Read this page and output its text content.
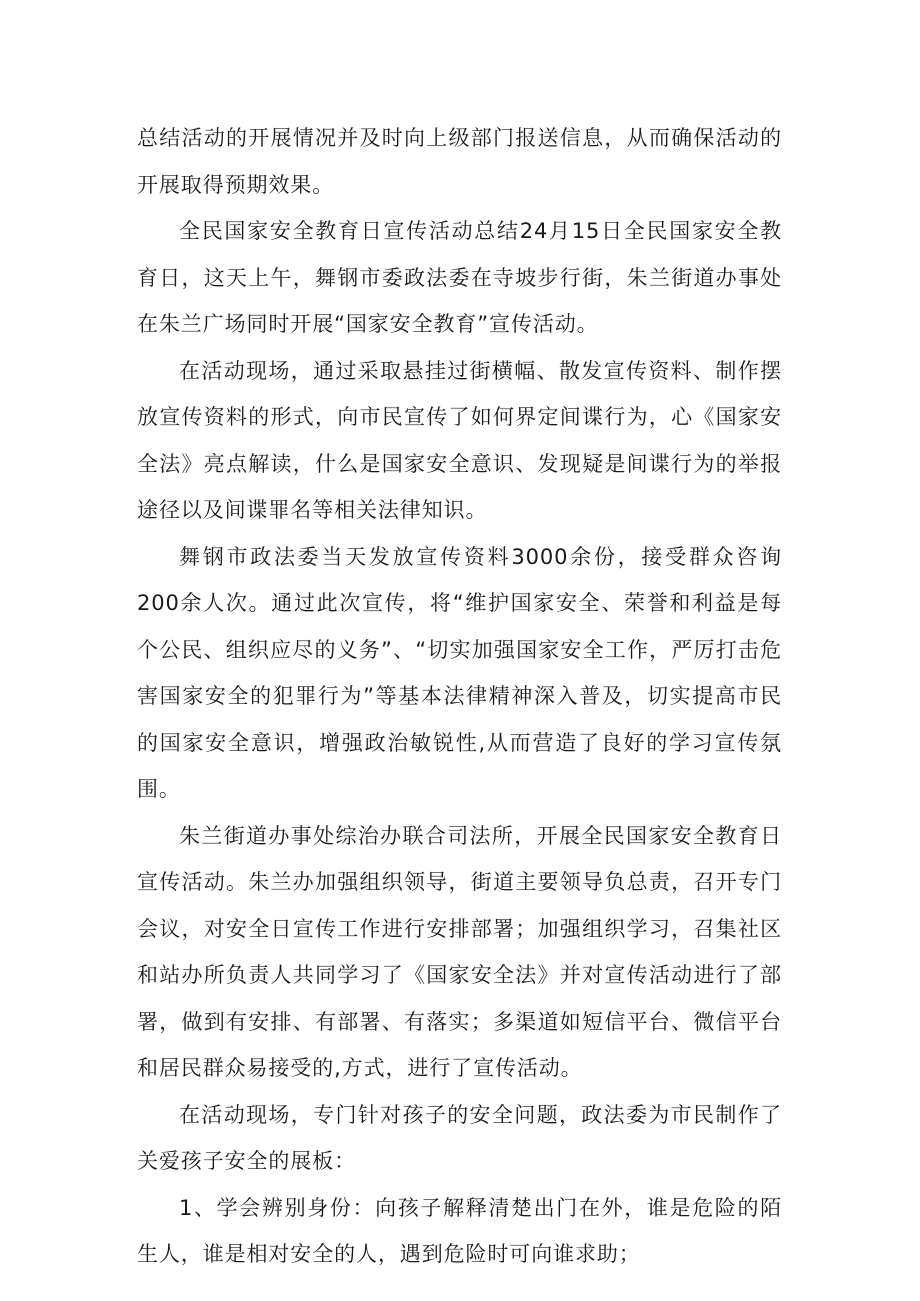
总结活动的开展情况并及时向上级部门报送信息，从而确保活动的开展取得预期效果。

全民国家安全教育日宣传活动总结24月15日全民国家安全教育日，这天上午，舞钢市委政法委在寺坡步行街，朱兰街道办事处在朱兰广场同时开展“国家安全教育”宣传活动。

在活动现场，通过采取悬挂过街横幅、散发宣传资料、制作摆放宣传资料的形式，向市民宣传了如何界定间谍行为，心《国家安全法》亮点解读，什么是国家安全意识、发现疑是间谍行为的举报途径以及间谍罪名等相关法律知识。

舞钢市政法委当天发放宣传资料3000余份，接受群众咨询200余人次。通过此次宣传，将“维护国家安全、荣誉和利益是每个公民、组织应尽的义务”、“切实加强国家安全工作，严厉打击危害国家安全的犯罪行为”等基本法律精神深入普及，切实提高市民的国家安全意识，增强政治敏锐性,从而营造了良好的学习宣传氛围。

朱兰街道办事处综治办联合司法所，开展全民国家安全教育日宣传活动。朱兰办加强组织领导，街道主要领导负总责，召开专门会议，对安全日宣传工作进行安排部署；加强组织学习，召集社区和站办所负责人共同学习了《国家安全法》并对宣传活动进行了部署，做到有安排、有部署、有落实；多渠道如短信平台、微信平台和居民群众易接受的,方式，进行了宣传活动。

在活动现场，专门针对孩子的安全问题，政法委为市民制作了关爱孩子安全的展板：

1、学会辨别身份：向孩子解释清楚出门在外，谁是危险的陌生人，谁是相对安全的人，遇到危险时可向谁求助；
